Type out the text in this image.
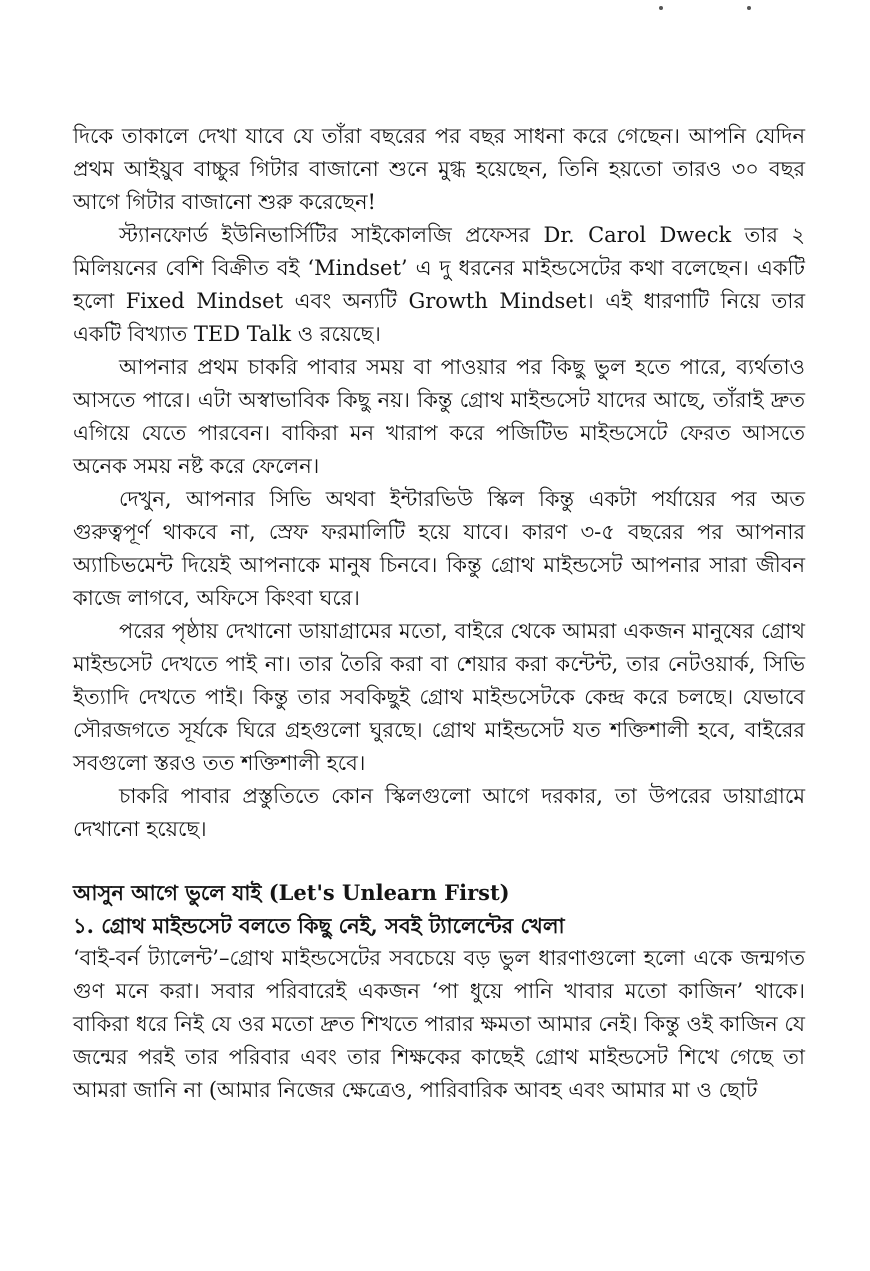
দিকে তাকালে দেখা যাবে যে তাঁরা বছরের পর বছর সাধনা করে গেছেন। আপনি যেদিন প্রথম আইয়ুব বাচ্চুর গিটার বাজানো শুনে মুগ্ধ হয়েছেন, তিনি হয়তো তারও ৩০ বছর আগে গিটার বাজানো শুরু করেছেন!

স্ট্যানফোর্ড ইউনিভার্সিটির সাইকোলজি প্রফেসর Dr. Carol Dweck তার ২ মিলিয়নের বেশি বিক্রীত বই ‘Mindset’ এ দু ধরনের মাইন্ডসেটের কথা বলেছেন। একটি হলো Fixed Mindset এবং অন্যটি Growth Mindset। এই ধারণাটি নিয়ে তার একটি বিখ্যাত TED Talk ও রয়েছে।

আপনার প্রথম চাকরি পাবার সময় বা পাওয়ার পর কিছু ভুল হতে পারে, ব্যর্থতাও আসতে পারে। এটা অস্বাভাবিক কিছু নয়। কিন্তু গ্রোথ মাইন্ডসেট যাদের আছে, তাঁরাই দ্রুত এগিয়ে যেতে পারবেন। বাকিরা মন খারাপ করে পজিটিভ মাইন্ডসেটে ফেরত আসতে অনেক সময় নষ্ট করে ফেলেন।

দেখুন, আপনার সিভি অথবা ইন্টারভিউ স্কিল কিন্তু একটা পর্যায়ের পর অত গুরুত্বপূর্ণ থাকবে না, স্রেফ ফরমালিটি হয়ে যাবে। কারণ ৩-৫ বছরের পর আপনার অ্যাচিভমেন্ট দিয়েই আপনাকে মানুষ চিনবে। কিন্তু গ্রোথ মাইন্ডসেট আপনার সারা জীবন কাজে লাগবে, অফিসে কিংবা ঘরে।

পরের পৃষ্ঠায় দেখানো ডায়াগ্রামের মতো, বাইরে থেকে আমরা একজন মানুষের গ্রোথ মাইন্ডসেট দেখতে পাই না। তার তৈরি করা বা শেয়ার করা কন্টেন্ট, তার নেটওয়ার্ক, সিভি ইত্যাদি দেখতে পাই। কিন্তু তার সবকিছুই গ্রোথ মাইন্ডসেটকে কেন্দ্র করে চলছে। যেভাবে সৌরজগতে সূর্যকে ঘিরে গ্রহগুলো ঘুরছে। গ্রোথ মাইন্ডসেট যত শক্তিশালী হবে, বাইরের সবগুলো স্তরও তত শক্তিশালী হবে।

চাকরি পাবার প্রস্তুতিতে কোন স্কিলগুলো আগে দরকার, তা উপরের ডায়াগ্রামে দেখানো হয়েছে।

আসুন আগে ভুলে যাই (Let's Unlearn First)
১. গ্রোথ মাইন্ডসেট বলতে কিছু নেই, সবই ট্যালেন্টের খেলা

‘বাই-বর্ন ট্যালেন্ট’–গ্রোথ মাইন্ডসেটের সবচেয়ে বড় ভুল ধারণাগুলো হলো একে জন্মগত গুণ মনে করা। সবার পরিবারেই একজন ‘পা ধুয়ে পানি খাবার মতো কাজিন’ থাকে। বাকিরা ধরে নিই যে ওর মতো দ্রুত শিখতে পারার ক্ষমতা আমার নেই। কিন্তু ওই কাজিন যে জন্মের পরই তার পরিবার এবং তার শিক্ষকের কাছেই গ্রোথ মাইন্ডসেট শিখে গেছে তা আমরা জানি না (আমার নিজের ক্ষেত্রেও, পারিবারিক আবহ এবং আমার মা ও ছোট
